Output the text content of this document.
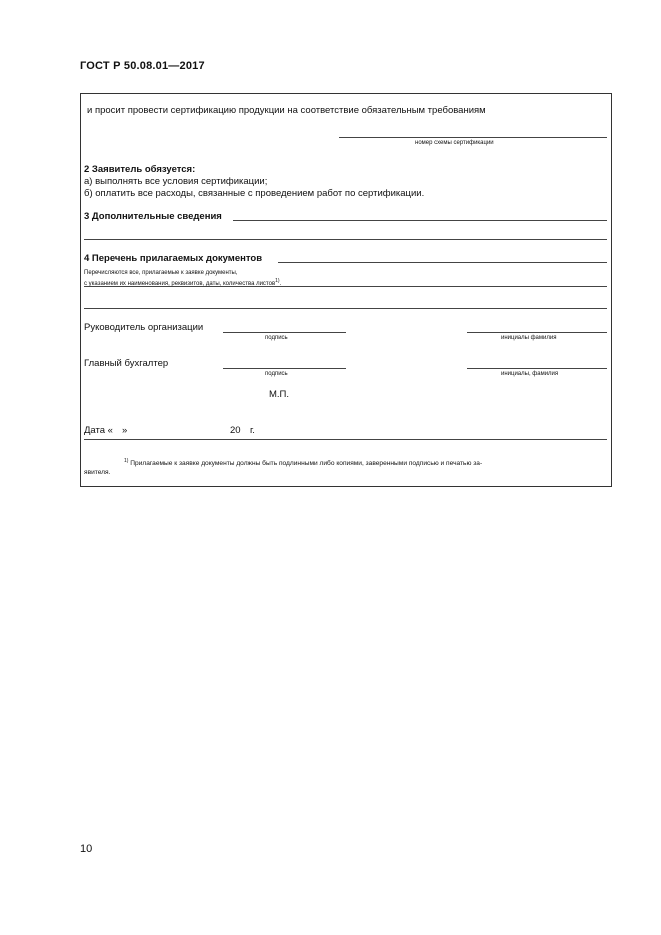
ГОСТ Р 50.08.01—2017
и просит провести сертификацию продукции на соответствие обязательным требованиям
номер схемы сертификации
2 Заявитель обязуется:
а) выполнять все условия сертификации;
б) оплатить все расходы, связанные с проведением работ по сертификации.
3 Дополнительные сведения
4 Перечень прилагаемых документов
Перечисляются все, прилагаемые к заявке документы,
с указанием их наименования, реквизитов, даты, количества листов$^{1)}$.
Руководитель организации
подпись	инициалы фамилия
Главный бухгалтер
подпись	инициалы, фамилия
М.П.
Дата « »	20 г.
$^{1)}$ Прилагаемые к заявке документы должны быть подлинными либо копиями, заверенными подписью и печатью за-
явителя.
10
